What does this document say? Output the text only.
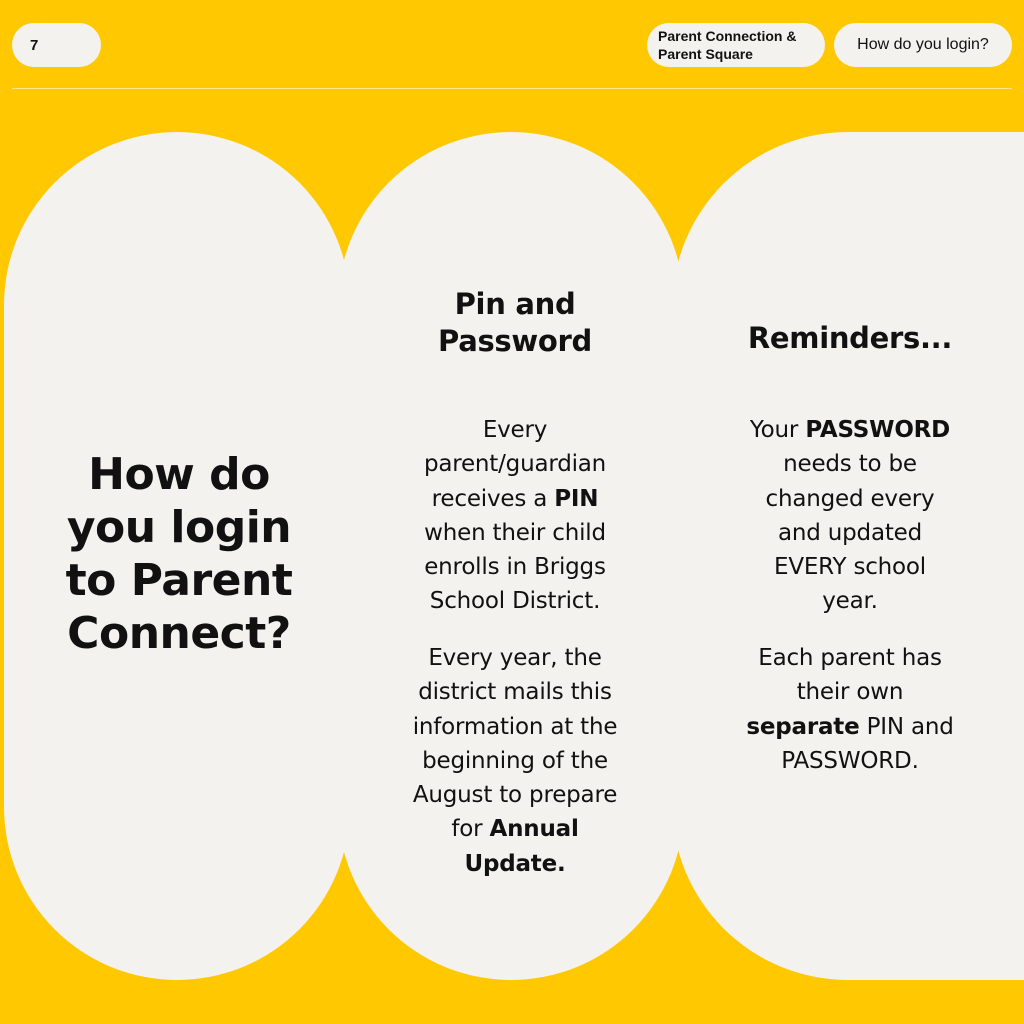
7
Parent Connection &
Parent Square
How do you login?
How do
you login
to Parent
Connect?
Pin and
Password
Every
parent/guardian
receives a PIN
when their child
enrolls in Briggs
School District.
Every year, the
district mails this
information at the
beginning of the
August to prepare
for Annual
Update.
Reminders...
Your PASSWORD
needs to be
changed every
and updated
EVERY school
year.
Each parent has
their own
separate PIN and
PASSWORD.
